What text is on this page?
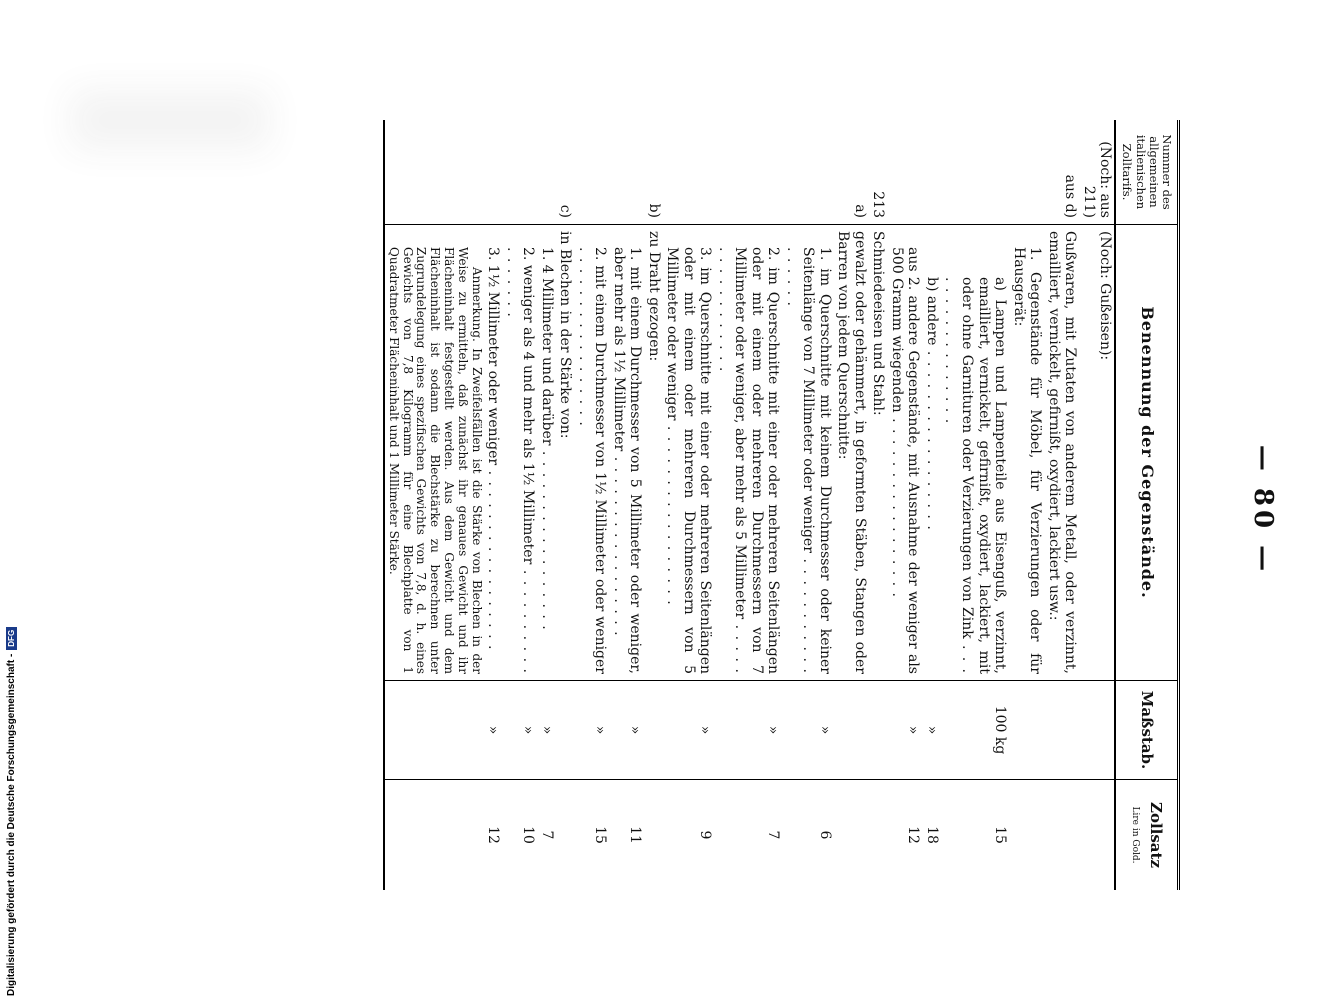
— 80 —
Nummer des allgemeinen italienischen Zolltarifs.	Benennung der Gegenstände.	Maßstab.	Zollsatz
Lire in Gold.

(Noch: aus 211)	(Noch: Gußeisen):		

aus d)	Gußwaren, mit Zutaten von anderem Metall, oder verzinnt, emailliert, vernickelt, gefirnißt, oxydiert, lackiert usw.:		

	1. Gegenstände für Möbel, für Verzierungen oder für Hausgerät:		

	a) Lampen und Lampenteile aus Eisenguß, verzinnt, emailliert, vernickelt, gefirnißt, oxydiert, lackiert, mit oder ohne Garnituren oder Verzierungen von Zink . . .	100 kg	15

	b) andere . . .	»	18

	aus 2. andere Gegenstände, mit Ausnahme der weniger als 500 Gramm wiegenden . . .	»	12
213	Schmiedeeisen und Stahl:		

a)	gewalzt oder gehämmert, in geformten Stäben, Stangen oder Barren von jedem Querschnitte:		

	1. im Querschnitte mit keinem Durchmesser oder keiner Seitenlänge von 7 Millimeter oder weniger . . .	»	6

	2. im Querschnitte mit einer oder mehreren Seitenlängen oder mit einem oder mehreren Durchmessern von 7 Millimeter oder weniger, aber mehr als 5 Millimeter . . .	»	7

	3. im Querschnitte mit einer oder mehreren Seitenlängen oder mit einem oder mehreren Durchmessern von 5 Millimeter oder weniger . . .	»	9
b)	zu Draht gezogen:		

	1. mit einem Durchmesser von 5 Millimeter oder weniger, aber mehr als 1½ Millimeter . . .	»	11

	2. mit einem Durchmesser von 1½ Millimeter oder weniger . . .	»	15
c)	in Blechen in der Stärke von:		

	1. 4 Millimeter und darüber . . .	»	7

	2. weniger als 4 und mehr als 1½ Millimeter . . .	»	10

	3. 1½ Millimeter oder weniger . . .	»	12

	Anmerkung. In Zweifelsfällen ist die Stärke von Blechen in der Weise zu ermitteln, daß zunächst ihr genaues Gewicht und ihr Flächeninhalt festgestellt werden. Aus dem Gewicht und dem Flächeninhalt ist sodann die Blechstärke zu berechnen unter Zugrundelegung eines spezifischen Gewichts von 7,8, d. h. eines Gewichts von 7,8 Kilogramm für eine Blechplatte von 1 Quadratmeter Flächeninhalt und 1 Millimeter Stärke.		

Digitalisierung gefördert durch die Deutsche Forschungsgemeinschaft -DFG
